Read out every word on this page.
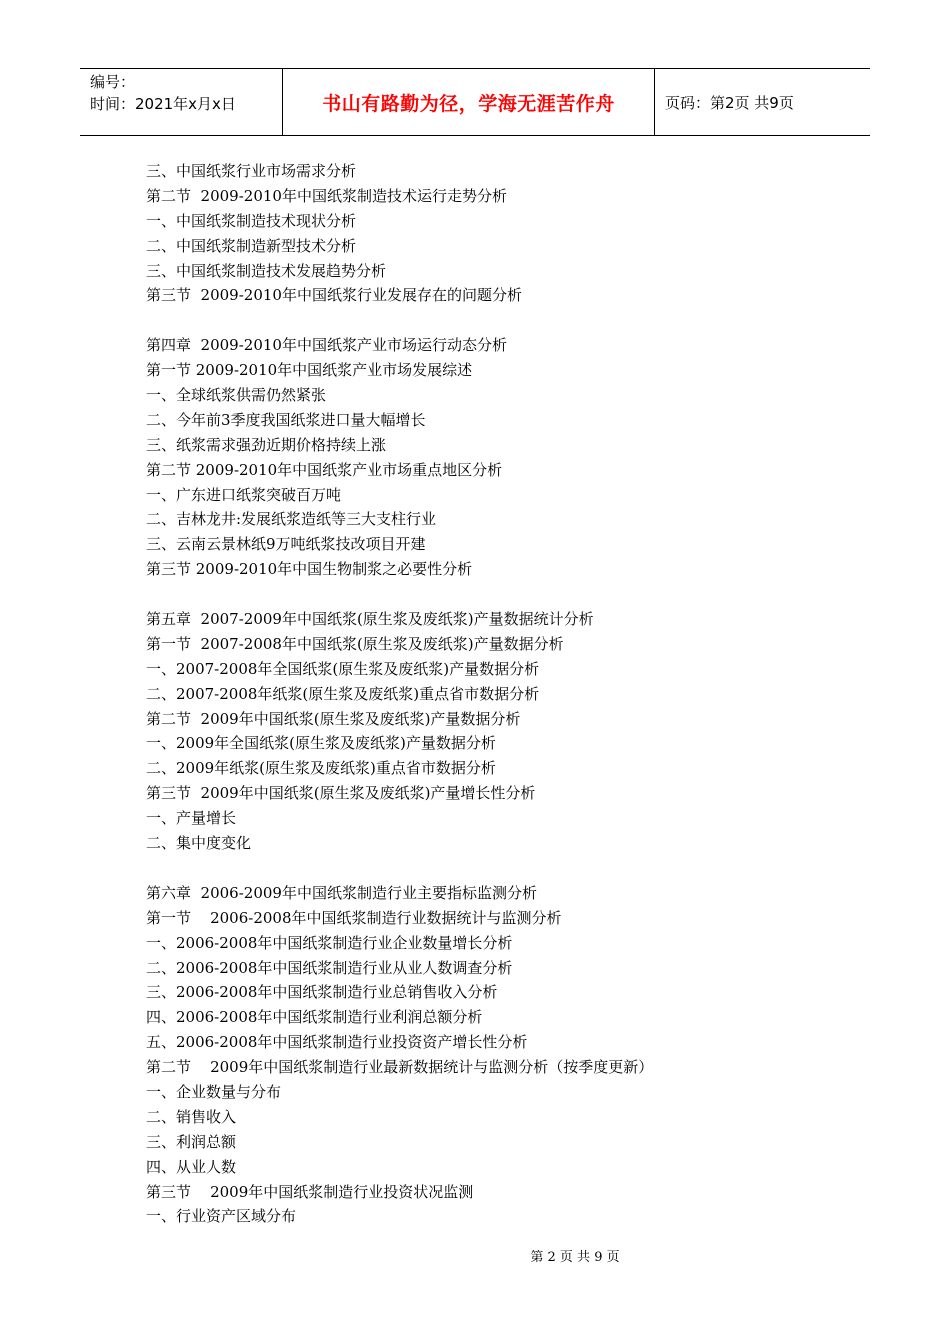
编号：
时间：2021年x月x日	书山有路勤为径，学海无涯苦作舟	页码：第2页 共9页
三、中国纸浆行业市场需求分析
第二节  2009-2010年中国纸浆制造技术运行走势分析
一、中国纸浆制造技术现状分析
二、中国纸浆制造新型技术分析
三、中国纸浆制造技术发展趋势分析
第三节  2009-2010年中国纸浆行业发展存在的问题分析
第四章  2009-2010年中国纸浆产业市场运行动态分析
第一节 2009-2010年中国纸浆产业市场发展综述
一、全球纸浆供需仍然紧张
二、今年前3季度我国纸浆进口量大幅增长
三、纸浆需求强劲近期价格持续上涨
第二节 2009-2010年中国纸浆产业市场重点地区分析
一、广东进口纸浆突破百万吨
二、吉林龙井:发展纸浆造纸等三大支柱行业
三、云南云景林纸9万吨纸浆技改项目开建
第三节 2009-2010年中国生物制浆之必要性分析
第五章  2007-2009年中国纸浆(原生浆及废纸浆)产量数据统计分析
第一节  2007-2008年中国纸浆(原生浆及废纸浆)产量数据分析
一、2007-2008年全国纸浆(原生浆及废纸浆)产量数据分析
二、2007-2008年纸浆(原生浆及废纸浆)重点省市数据分析
第二节  2009年中国纸浆(原生浆及废纸浆)产量数据分析
一、2009年全国纸浆(原生浆及废纸浆)产量数据分析
二、2009年纸浆(原生浆及废纸浆)重点省市数据分析
第三节  2009年中国纸浆(原生浆及废纸浆)产量增长性分析
一、产量增长
二、集中度变化
第六章  2006-2009年中国纸浆制造行业主要指标监测分析
第一节    2006-2008年中国纸浆制造行业数据统计与监测分析
一、2006-2008年中国纸浆制造行业企业数量增长分析
二、2006-2008年中国纸浆制造行业从业人数调查分析
三、2006-2008年中国纸浆制造行业总销售收入分析
四、2006-2008年中国纸浆制造行业利润总额分析
五、2006-2008年中国纸浆制造行业投资资产增长性分析
第二节    2009年中国纸浆制造行业最新数据统计与监测分析（按季度更新）
一、企业数量与分布
二、销售收入
三、利润总额
四、从业人数
第三节    2009年中国纸浆制造行业投资状况监测
一、行业资产区域分布
第 2 页 共 9 页
